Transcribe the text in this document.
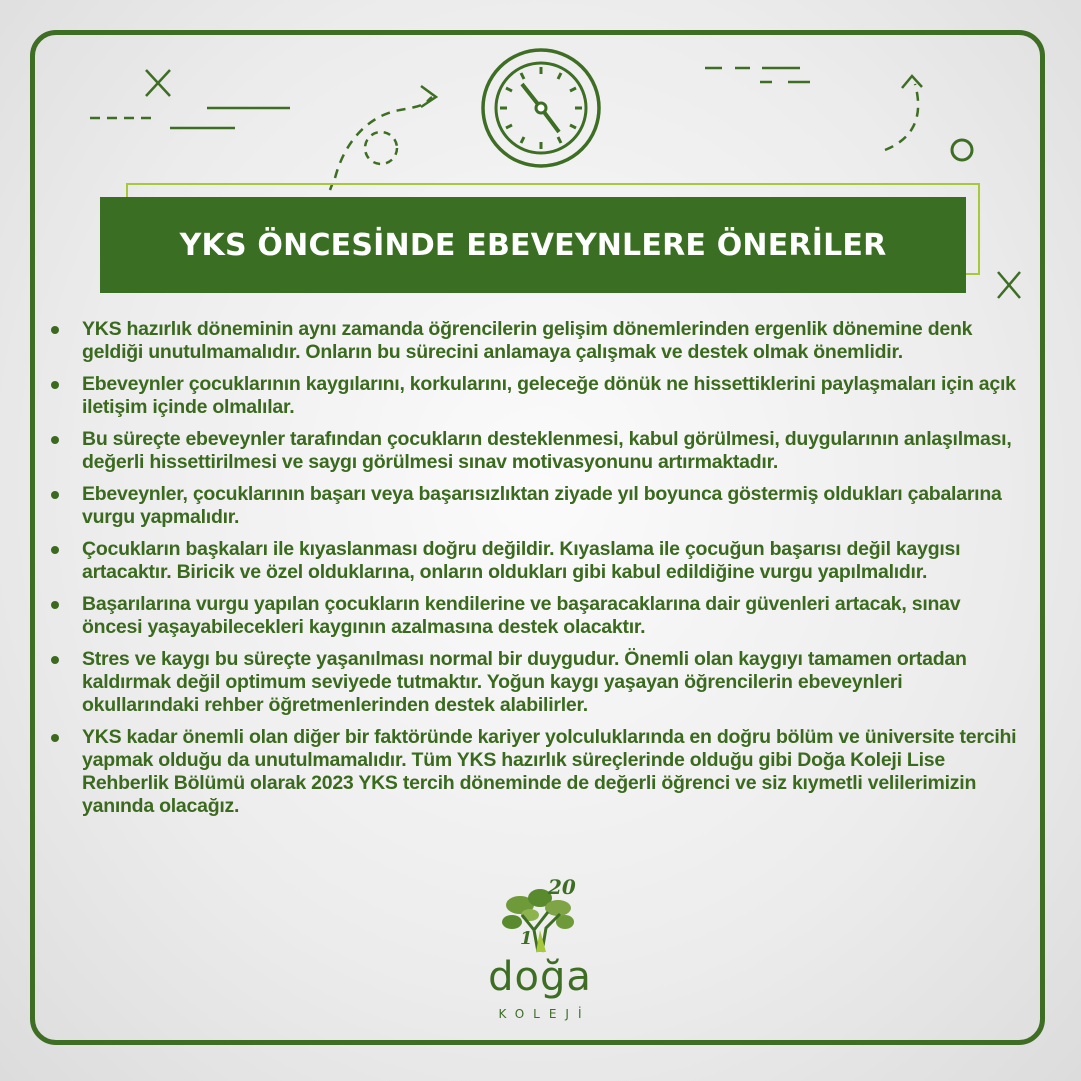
YKS ÖNCESİNDE EBEVEYNLERE ÖNERİLER
YKS hazırlık döneminin aynı zamanda öğrencilerin gelişim dönemlerinden ergenlik dönemine denk geldiği unutulmamalıdır. Onların bu sürecini anlamaya çalışmak ve destek olmak önemlidir.
Ebeveynler çocuklarının kaygılarını, korkularını, geleceğe dönük ne hissettiklerini paylaşmaları için açık iletişim içinde olmalılar.
Bu süreçte ebeveynler tarafından çocukların desteklenmesi, kabul görülmesi, duygularının anlaşılması, değerli hissettirilmesi ve saygı görülmesi sınav motivasyonunu artırmaktadır.
Ebeveynler, çocuklarının başarı veya başarısızlıktan ziyade yıl boyunca göstermiş oldukları çabalarına vurgu yapmalıdır.
Çocukların başkaları ile kıyaslanması doğru değildir. Kıyaslama ile çocuğun başarısı değil kaygısı artacaktır. Biricik ve özel olduklarına, onların oldukları gibi kabul edildiğine vurgu yapılmalıdır.
Başarılarına vurgu yapılan çocukların kendilerine ve başaracaklarına dair güvenleri artacak, sınav öncesi yaşayabilecekleri kaygının azalmasına destek olacaktır.
Stres ve kaygı bu süreçte yaşanılması normal bir duygudur. Önemli olan kaygıyı tamamen ortadan kaldırmak değil optimum seviyede tutmaktır. Yoğun kaygı yaşayan öğrencilerin ebeveynleri okullarındaki rehber öğretmenlerinden destek alabilirler.
YKS kadar önemli olan diğer bir faktöründe kariyer yolculuklarında en doğru bölüm ve üniversite tercihi yapmak olduğu da unutulmamalıdır. Tüm YKS hazırlık süreçlerinde olduğu gibi Doğa Koleji Lise Rehberlik Bölümü olarak 2023 YKS tercih döneminde de değerli öğrenci ve siz kıymetli velilerimizin yanında olacağız.
20
1
doğa
KOLEJİ
